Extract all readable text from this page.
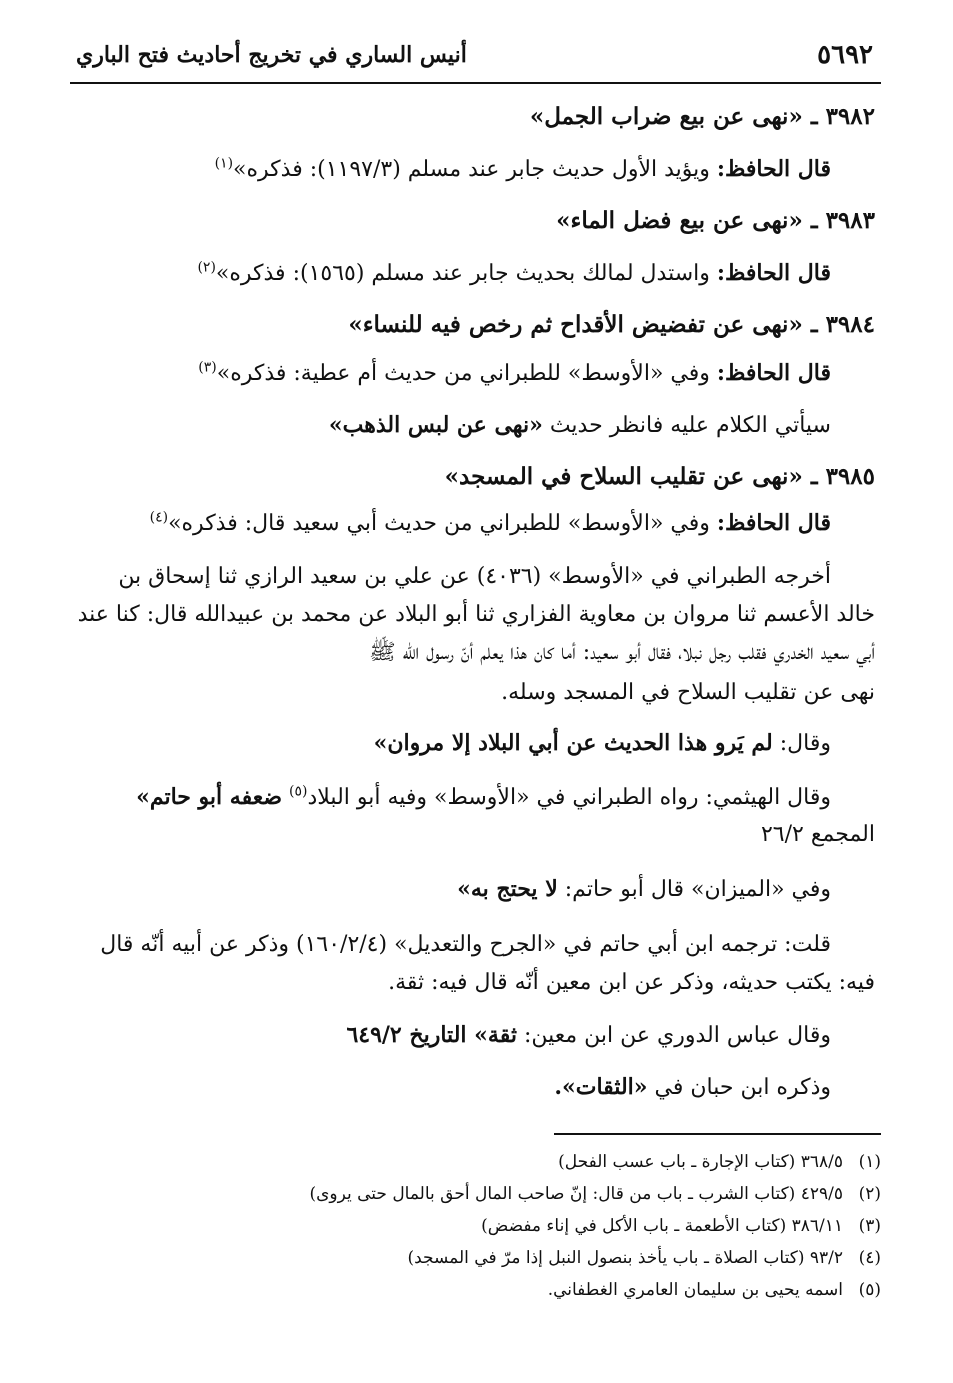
٥٦٩٢
أنيس الساري في تخريج أحاديث فتح الباري
٣٩٨٢ ـ«نهى عن بيع ضراب الجمل»
قال الحافظ: ويؤيد الأول حديث جابر عند مسلم (١١٩٧/٣): فذكره»$^{(١)}$
٣٩٨٣ ـ«نهى عن بيع فضل الماء»
قال الحافظ: واستدل لمالك بحديث جابر عند مسلم (١٥٦٥): فذكره»$^{(٢)}$
٣٩٨٤ ـ«نهى عن تفضيض الأقداح ثم رخص فيه للنساء»
قال الحافظ: وفي «الأوسط» للطبراني من حديث أم عطية: فذكره»$^{(٣)}$
سيأتي الكلام عليه فانظر حديث «نهى عن لبس الذهب»
٣٩٨٥ ـ«نهى عن تقليب السلاح في المسجد»
قال الحافظ: وفي «الأوسط» للطبراني من حديث أبي سعيد قال: فذكره»$^{(٤)}$
أخرجه الطبراني في «الأوسط» (٤٠٣٦) عن علي بن سعيد الرازي ثنا إسحاق بن
خالد الأعسم ثنا مروان بن معاوية الفزاري ثنا أبو البلاد عن محمد بن عبيدالله قال: كنا عند
أبي سعيد الخدري فقلب رجل نبلا، فقال أبو سعيد: أما كان هذا يعلم أنّ رسول الله ﷺ
نهى عن تقليب السلاح في المسجد وسله.
وقال: لم يَرو هذا الحديث عن أبي البلاد إلا مروان»
وقال الهيثمي: رواه الطبراني في «الأوسط» وفيه أبو البلاد$^{(٥)}$ ضعفه أبو حاتم»
المجمع ٢٦/٢
وفي «الميزان» قال أبو حاتم: لا يحتج به»
قلت: ترجمه ابن أبي حاتم في «الجرح والتعديل» (١٦٠/٢/٤) وذكر عن أبيه أنّه قال
فيه: يكتب حديثه، وذكر عن ابن معين أنّه قال فيه: ثقة.
وقال عباس الدوري عن ابن معين: ثقة» التاريخ ٦٤٩/٢
وذكره ابن حبان في «الثقات».
(١)٣٦٨/٥ (كتاب الإجارة ـ باب عسب الفحل)
(٢)٤٢٩/٥ (كتاب الشرب ـ باب من قال: إنّ صاحب المال أحق بالمال حتى يروى)
(٣)٣٨٦/١١ (كتاب الأطعمة ـ باب الأكل في إناء مفضض)
(٤)٩٣/٢ (كتاب الصلاة ـ باب يأخذ بنصول النبل إذا مرّ في المسجد)
(٥)اسمه يحيى بن سليمان العامري الغطفاني.
